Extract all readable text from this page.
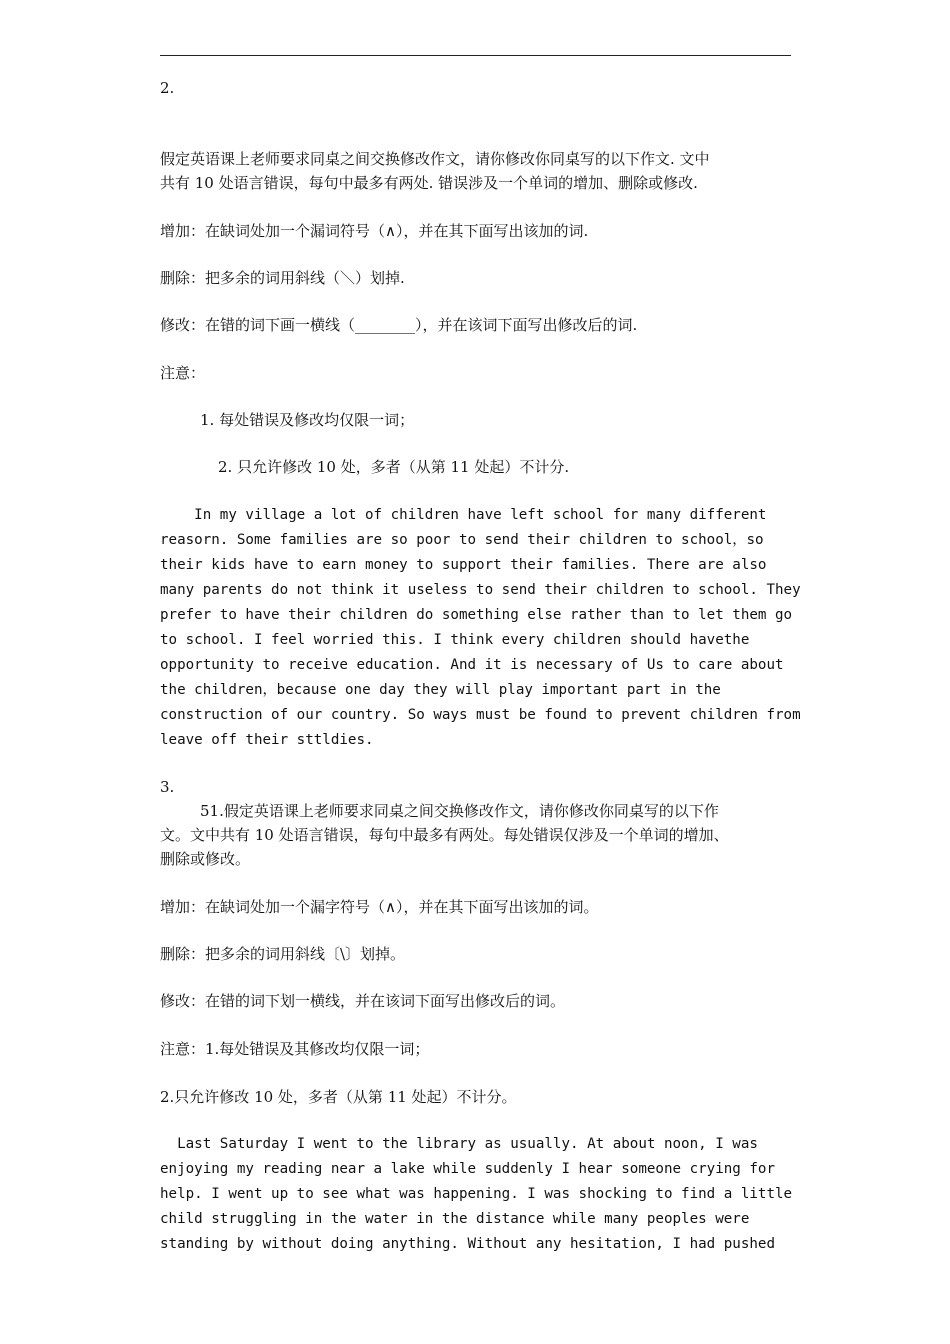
2.

假定英语课上老师要求同桌之间交换修改作文，请你修改你同桌写的以下作文. 文中

共有 10 处语言错误，每句中最多有两处. 错误涉及一个单词的增加、删除或修改.

增加：在缺词处加一个漏词符号（∧），并在其下面写出该加的词.

删除：把多余的词用斜线（＼）划掉.

修改：在错的词下画一横线（________），并在该词下面写出修改后的词.

注意：

1. 每处错误及修改均仅限一词；

2. 只允许修改 10 处，多者（从第 11 处起）不计分.

In my village a lot of children have left school for many different

reasorn. Some families are so poor to send their children to school，so

their kids have to earn money to support their families. There are also

many parents do not think it useless to send their children to school. They

prefer to have their children do something else rather than to let them go

to school. I feel worried this. I think every children should havethe

opportunity to receive education. And it is necessary of Us to care about

the children，because one day they will play important part in the

construction of our country. So ways must be found to prevent children from

leave off their sttldies.

3.

51.假定英语课上老师要求同桌之间交换修改作文，请你修改你同桌写的以下作

文。文中共有 10 处语言错误，每句中最多有两处。每处错误仅涉及一个单词的增加、

删除或修改。

增加：在缺词处加一个漏字符号（∧），并在其下面写出该加的词。

删除：把多余的词用斜线〔\〕划掉。

修改：在错的词下划一横线，并在该词下面写出修改后的词。

注意：1.每处错误及其修改均仅限一词；

2.只允许修改 10 处，多者（从第 11 处起）不计分。

Last Saturday I went to the library as usually. At about noon, I was

enjoying my reading near a lake while suddenly I hear someone crying for

help. I went up to see what was happening. I was shocking to find a little

child struggling in the water in the distance while many peoples were

standing by without doing anything. Without any hesitation, I had pushed
